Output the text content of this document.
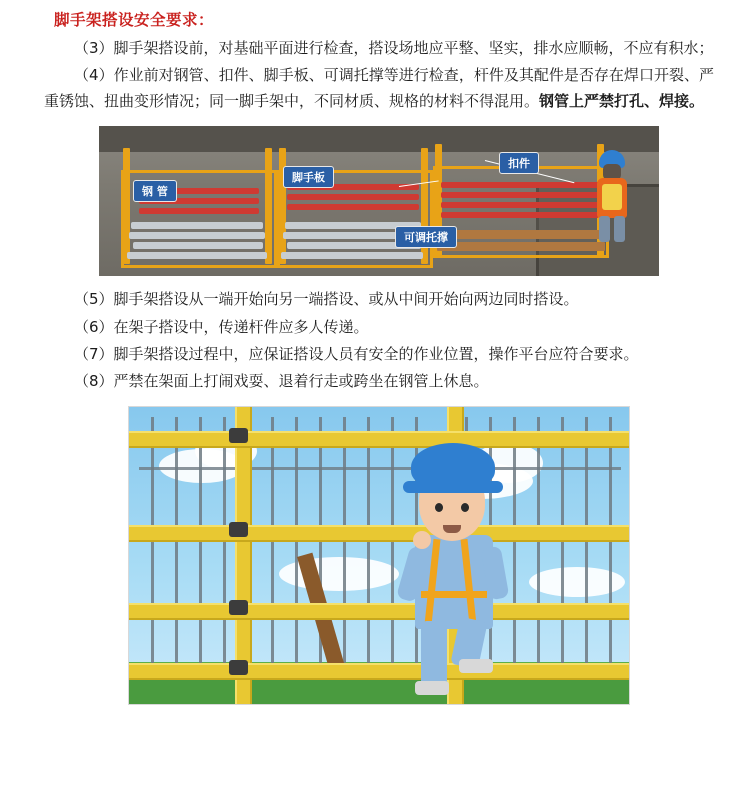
脚手架搭设安全要求：

（3）脚手架搭设前，对基础平面进行检查，搭设场地应平整、坚实，排水应顺畅，不应有积水；

（4）作业前对钢管、扣件、脚手板、可调托撑等进行检查，杆件及其配件是否存在焊口开裂、严重锈蚀、扭曲变形情况；同一脚手架中，不同材质、规格的材料不得混用。钢管上严禁打孔、焊接。

钢 管
脚手板
可调托撑
扣件

（5）脚手架搭设从一端开始向另一端搭设、或从中间开始向两边同时搭设。

（6）在架子搭设中，传递杆件应多人传递。

（7）脚手架搭设过程中，应保证搭设人员有安全的作业位置，操作平台应符合要求。

（8）严禁在架面上打闹戏耍、退着行走或跨坐在钢管上休息。
